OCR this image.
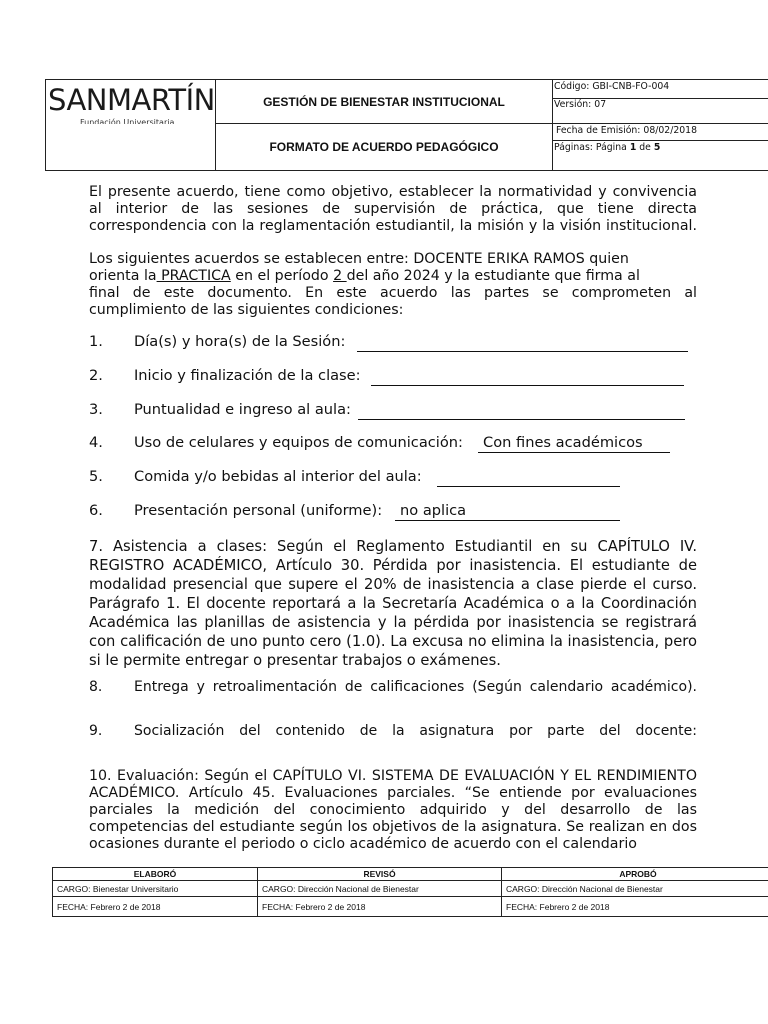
SANMARTÍN
Fundación Universitaria
GESTIÓN DE BIENESTAR INSTITUCIONAL
FORMATO DE ACUERDO PEDAGÓGICO
Código: GBI-CNB-FO-004
Versión: 07
Fecha de Emisión: 08/02/2018
Páginas: Página 1 de 5

El presente acuerdo, tiene como objetivo, establecer la normatividad y convivencia al interior de las sesiones de supervisión de práctica, que tiene directa correspondencia con la reglamentación estudiantil, la misión y la visión institucional.

Los siguientes acuerdos se establecen entre: DOCENTE ERIKA RAMOS quien
orienta la PRACTICA en el período 2 del año 2024 y la estudiante que firma al

final de este documento. En este acuerdo las partes se comprometen al cumplimiento de las siguientes condiciones:

1. Día(s) y hora(s) de la Sesión:
2. Inicio y finalización de la clase:
3. Puntualidad e ingreso al aula:
4. Uso de celulares y equipos de comunicación: Con fines académicos
5. Comida y/o bebidas al interior del aula:
6. Presentación personal (uniforme): no aplica

7. Asistencia a clases: Según el Reglamento Estudiantil en su CAPÍTULO IV. REGISTRO ACADÉMICO, Artículo 30. Pérdida por inasistencia. El estudiante de modalidad presencial que supere el 20% de inasistencia a clase pierde el curso. Parágrafo 1. El docente reportará a la Secretaría Académica o a la Coordinación Académica las planillas de asistencia y la pérdida por inasistencia se registrará con calificación de uno punto cero (1.0). La excusa no elimina la inasistencia, pero si le permite entregar o presentar trabajos o exámenes.

8. Entrega y retroalimentación de calificaciones (Según calendario académico).
9. Socialización del contenido de la asignatura por parte del docente:

10. Evaluación: Según el CAPÍTULO VI. SISTEMA DE EVALUACIÓN Y EL RENDIMIENTO ACADÉMICO. Artículo 45. Evaluaciones parciales. “Se entiende por evaluaciones parciales la medición del conocimiento adquirido y del desarrollo de las competencias del estudiante según los objetivos de la asignatura. Se realizan en dos ocasiones durante el periodo o ciclo académico de acuerdo con el calendario

ELABORÓ	REVISÓ	APROBÓ
CARGO: Bienestar Universitario	CARGO: Dirección Nacional de Bienestar	CARGO: Dirección Nacional de Bienestar
FECHA: Febrero 2 de 2018	FECHA: Febrero 2 de 2018	FECHA: Febrero 2 de 2018
